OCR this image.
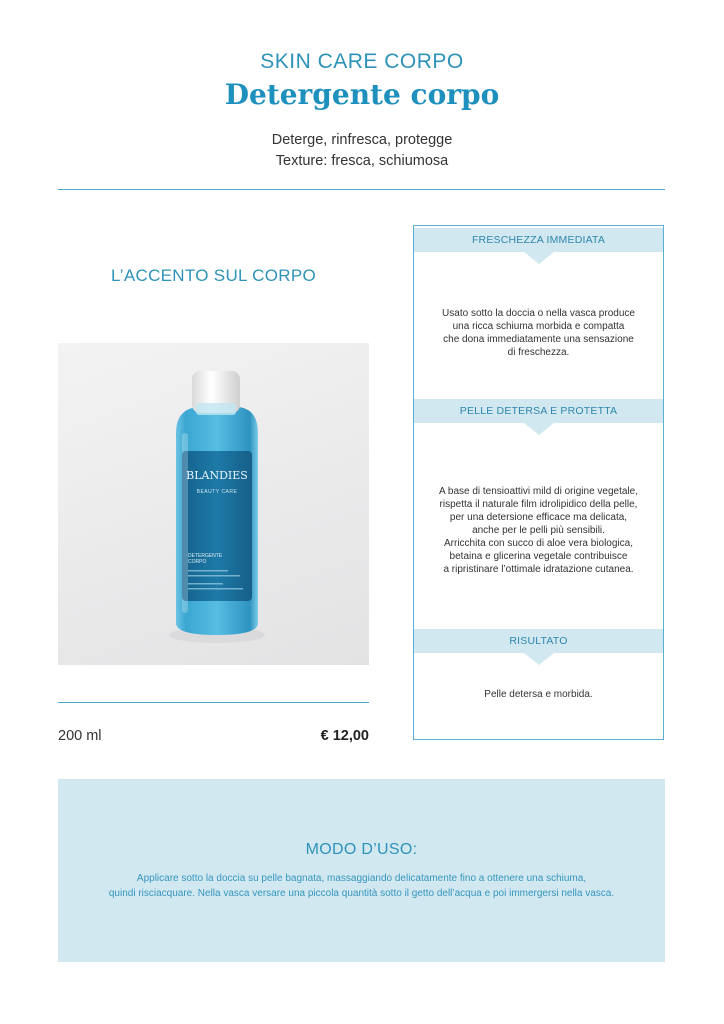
SKIN CARE CORPO
Detergente corpo
Deterge, rinfresca, protegge
Texture: fresca, schiumosa
L’ACCENTO SUL CORPO
BLANDIES
BEAUTY CARE
DETERGENTE
CORPO
200 ml	€ 12,00
FRESCHEZZA IMMEDIATA
Usato sotto la doccia o nella vasca produce
una ricca schiuma morbida e compatta
che dona immediatamente una sensazione
di freschezza.
PELLE DETERSA E PROTETTA
A base di tensioattivi mild di origine vegetale,
rispetta il naturale film idrolipidico della pelle,
per una detersione efficace ma delicata,
anche per le pelli più sensibili.
Arricchita con succo di aloe vera biologica,
betaina e glicerina vegetale contribuisce
a ripristinare l’ottimale idratazione cutanea.
RISULTATO
Pelle detersa e morbida.
MODO D’USO:
Applicare sotto la doccia su pelle bagnata, massaggiando delicatamente fino a ottenere una schiuma,
quindi risciacquare. Nella vasca versare una piccola quantità sotto il getto dell’acqua e poi immergersi nella vasca.
